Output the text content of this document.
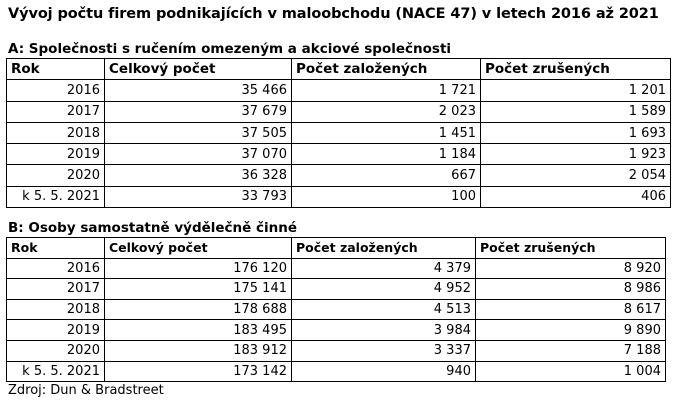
Vývoj počtu firem podnikajících v maloobchodu (NACE 47) v letech 2016 až 2021
A: Společnosti s ručením omezeným a akciové společnosti
Rok	Celkový počet	Počet založených	Počet zrušených
2016	35 466	1 721	1 201
2017	37 679	2 023	1 589
2018	37 505	1 451	1 693
2019	37 070	1 184	1 923
2020	36 328	667	2 054
k 5. 5. 2021	33 793	100	406
B: Osoby samostatně výdělečně činné
Rok	Celkový počet	Počet založených	Počet zrušených
2016	176 120	4 379	8 920
2017	175 141	4 952	8 986
2018	178 688	4 513	8 617
2019	183 495	3 984	9 890
2020	183 912	3 337	7 188
k 5. 5. 2021	173 142	940	1 004
Zdroj: Dun & Bradstreet
